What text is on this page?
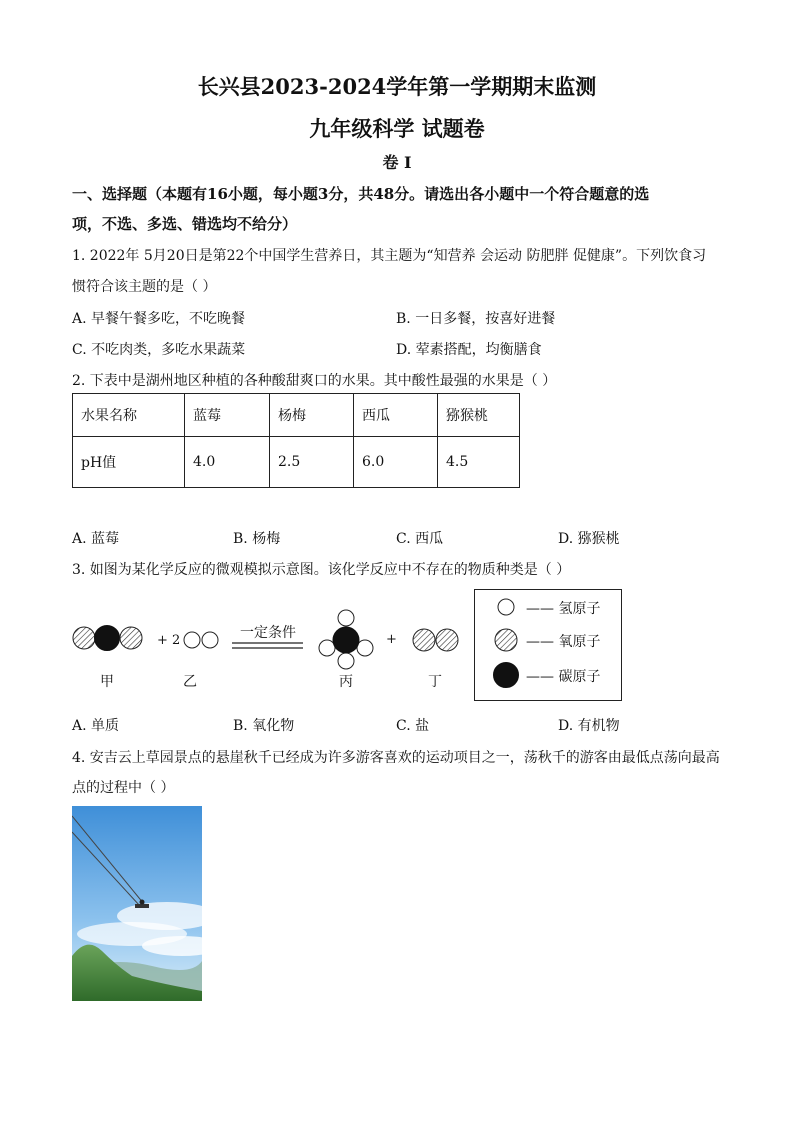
长兴县2023-2024学年第一学期期末监测
九年级科学 试题卷
卷 I
一、选择题（本题有16小题，每小题3分，共48分。请选出各小题中一个符合题意的选
项，不选、多选、错选均不给分）
1. 2022年 5月20日是第22个中国学生营养日，其主题为“知营养 会运动 防肥胖 促健康”。下列饮食习
惯符合该主题的是（ ）
A. 早餐午餐多吃，不吃晚餐	B. 一日多餐，按喜好进餐
C. 不吃肉类，多吃水果蔬菜	D. 荤素搭配，均衡膳食
2. 下表中是湖州地区种植的各种酸甜爽口的水果。其中酸性最强的水果是（ ）
水果名称	蓝莓	杨梅	西瓜	猕猴桃
pH值	4.0	2.5	6.0	4.5
A. 蓝莓	B. 杨梅	C. 西瓜	D. 猕猴桃
3. 如图为某化学反应的微观模拟示意图。该化学反应中不存在的物质种类是（ ）
+ 2	一定条件	+
甲	乙	丙	丁
—— 氢原子
—— 氧原子
—— 碳原子
A. 单质	B. 氧化物	C. 盐	D. 有机物
4. 安吉云上草园景点的悬崖秋千已经成为许多游客喜欢的运动项目之一，荡秋千的游客由最低点荡向最高
点的过程中（ ）
